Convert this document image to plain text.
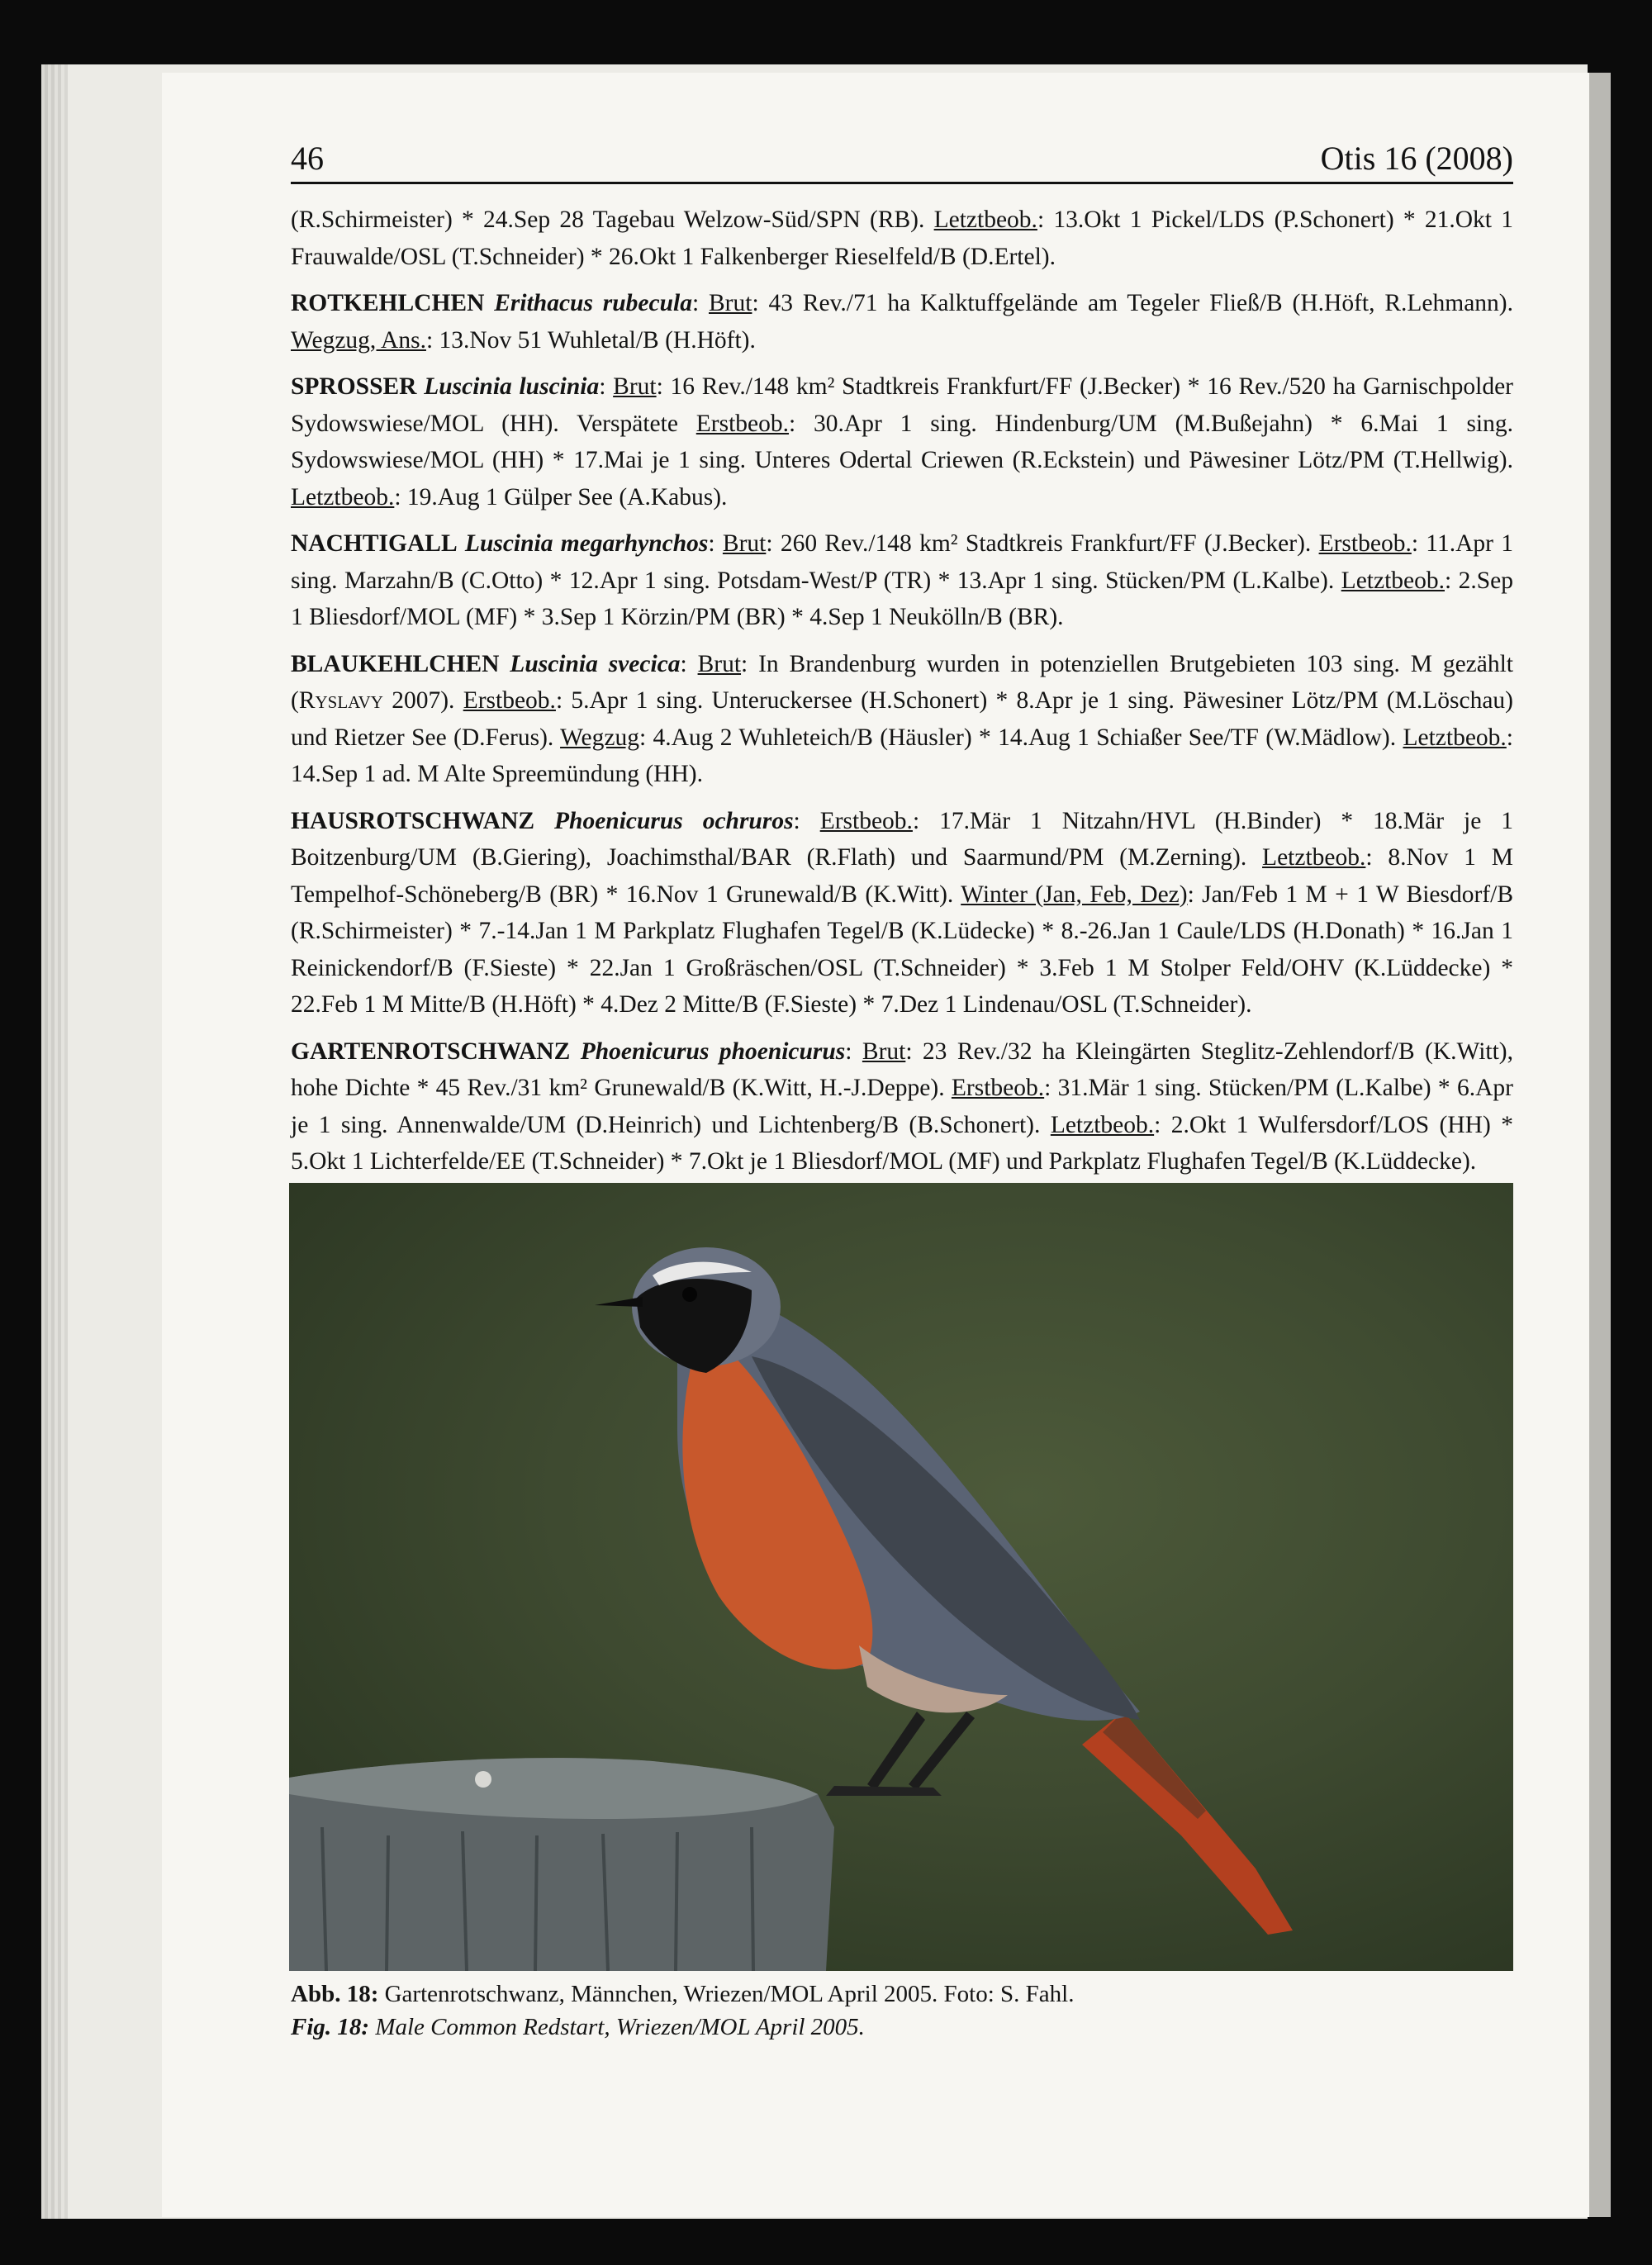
46	Otis 16 (2008)

(R.Schirmeister) * 24.Sep 28 Tagebau Welzow-Süd/SPN (RB). Letztbeob.: 13.Okt 1 Pickel/LDS (P.Schonert) * 21.Okt 1 Frauwalde/OSL (T.Schneider) * 26.Okt 1 Falkenberger Rieselfeld/B (D.Ertel).

ROTKEHLCHEN Erithacus rubecula: Brut: 43 Rev./71 ha Kalktuffgelände am Tegeler Fließ/B (H.Höft, R.Lehmann). Wegzug, Ans.: 13.Nov 51 Wuhletal/B (H.Höft).

SPROSSER Luscinia luscinia: Brut: 16 Rev./148 km² Stadtkreis Frankfurt/FF (J.Becker) * 16 Rev./520 ha Garnischpolder Sydowswiese/MOL (HH). Verspätete Erstbeob.: 30.Apr 1 sing. Hindenburg/UM (M.Bußejahn) * 6.Mai 1 sing. Sydowswiese/MOL (HH) * 17.Mai je 1 sing. Unteres Odertal Criewen (R.Eckstein) und Päwesiner Lötz/PM (T.Hellwig). Letztbeob.: 19.Aug 1 Gülper See (A.Kabus).

NACHTIGALL Luscinia megarhynchos: Brut: 260 Rev./148 km² Stadtkreis Frankfurt/FF (J.Becker). Erstbeob.: 11.Apr 1 sing. Marzahn/B (C.Otto) * 12.Apr 1 sing. Potsdam-West/P (TR) * 13.Apr 1 sing. Stücken/PM (L.Kalbe). Letztbeob.: 2.Sep 1 Bliesdorf/MOL (MF) * 3.Sep 1 Körzin/PM (BR) * 4.Sep 1 Neukölln/B (BR).

BLAUKEHLCHEN Luscinia svecica: Brut: In Brandenburg wurden in potenziellen Brutgebieten 103 sing. M gezählt (Ryslavy 2007). Erstbeob.: 5.Apr 1 sing. Unteruckersee (H.Schonert) * 8.Apr je 1 sing. Päwesiner Lötz/PM (M.Löschau) und Rietzer See (D.Ferus). Wegzug: 4.Aug 2 Wuhleteich/B (Häusler) * 14.Aug 1 Schiaßer See/TF (W.Mädlow). Letztbeob.: 14.Sep 1 ad. M Alte Spreemündung (HH).

HAUSROTSCHWANZ Phoenicurus ochruros: Erstbeob.: 17.Mär 1 Nitzahn/HVL (H.Binder) * 18.Mär je 1 Boitzenburg/UM (B.Giering), Joachimsthal/BAR (R.Flath) und Saarmund/PM (M.Zerning). Letztbeob.: 8.Nov 1 M Tempelhof-Schöneberg/B (BR) * 16.Nov 1 Grunewald/B (K.Witt). Winter (Jan, Feb, Dez): Jan/Feb 1 M + 1 W Biesdorf/B (R.Schirmeister) * 7.-14.Jan 1 M Parkplatz Flughafen Tegel/B (K.Lüdecke) * 8.-26.Jan 1 Caule/LDS (H.Donath) * 16.Jan 1 Reinickendorf/B (F.Sieste) * 22.Jan 1 Großräschen/OSL (T.Schneider) * 3.Feb 1 M Stolper Feld/OHV (K.Lüddecke) * 22.Feb 1 M Mitte/B (H.Höft) * 4.Dez 2 Mitte/B (F.Sieste) * 7.Dez 1 Lindenau/OSL (T.Schneider).

GARTENROTSCHWANZ Phoenicurus phoenicurus: Brut: 23 Rev./32 ha Kleingärten Steglitz-Zehlendorf/B (K.Witt), hohe Dichte * 45 Rev./31 km² Grunewald/B (K.Witt, H.-J.Deppe). Erstbeob.: 31.Mär 1 sing. Stücken/PM (L.Kalbe) * 6.Apr je 1 sing. Annenwalde/UM (D.Heinrich) und Lichtenberg/B (B.Schonert). Letztbeob.: 2.Okt 1 Wulfersdorf/LOS (HH) * 5.Okt 1 Lichterfelde/EE (T.Schneider) * 7.Okt je 1 Bliesdorf/MOL (MF) und Parkplatz Flughafen Tegel/B (K.Lüddecke).

Abb. 18: Gartenrotschwanz, Männchen, Wriezen/MOL April 2005. Foto: S. Fahl.
Fig. 18: Male Common Redstart, Wriezen/MOL April 2005.
